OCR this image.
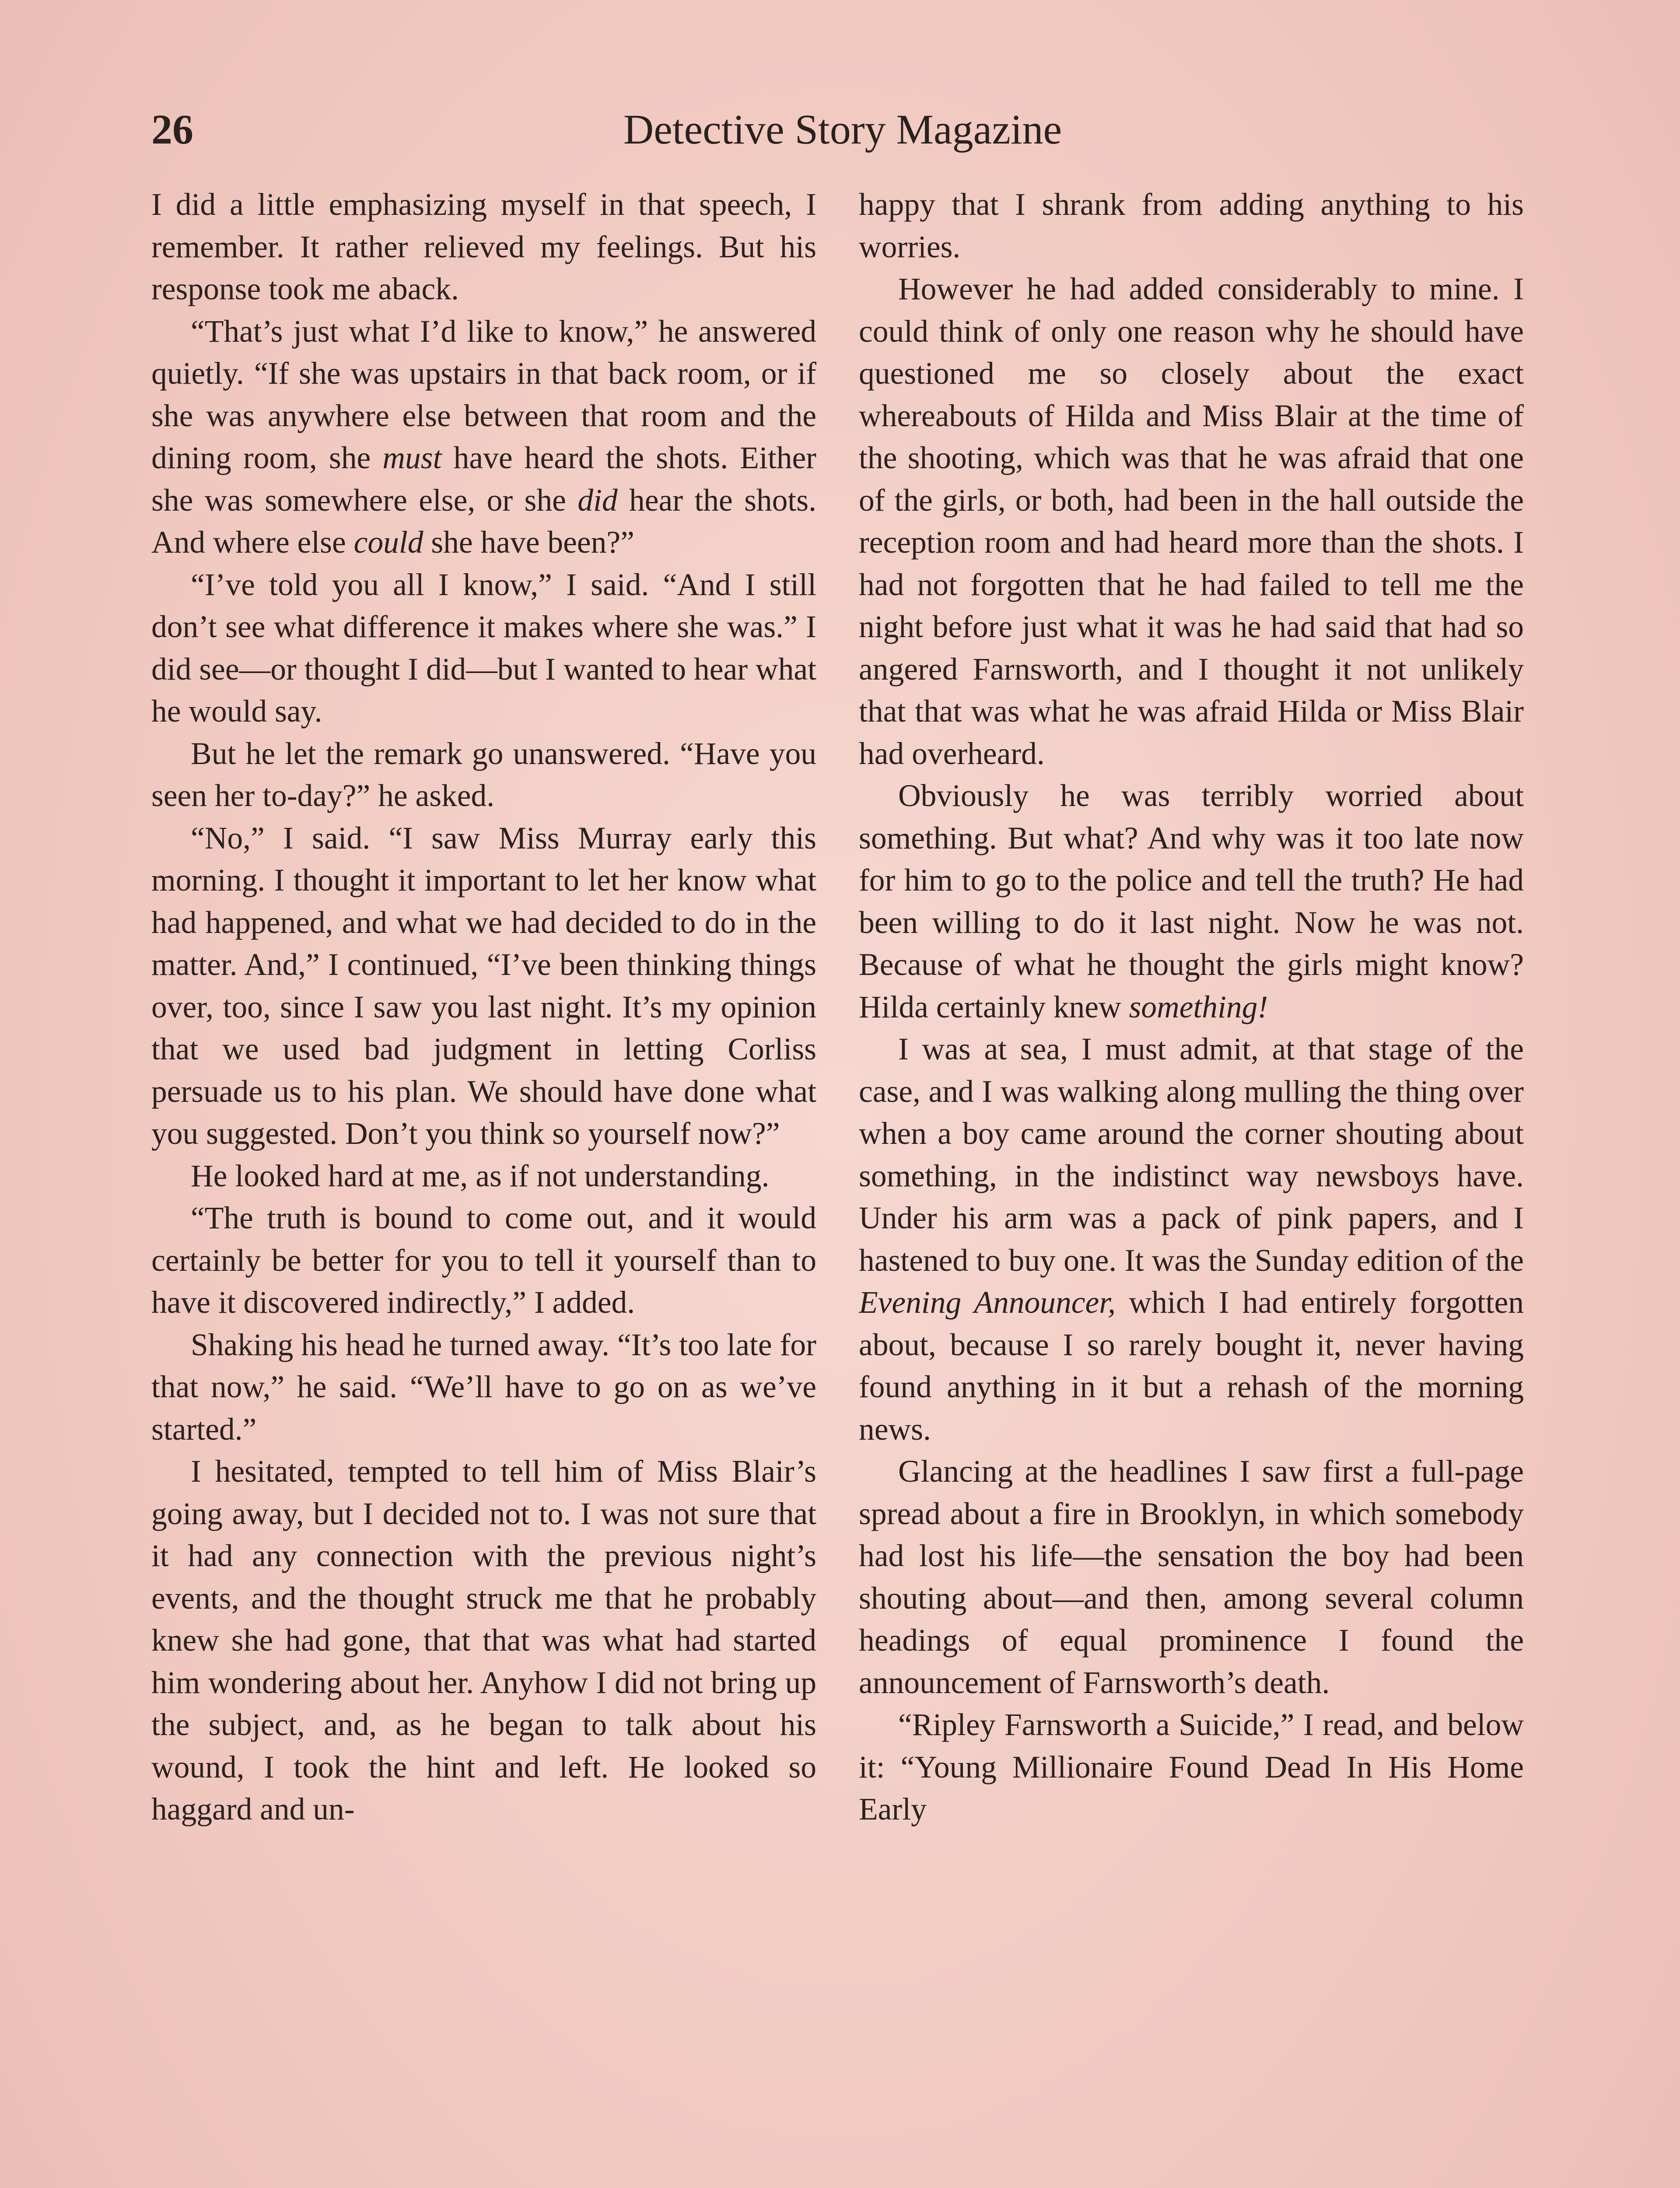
26	Detective Story Magazine

I did a little emphasizing myself in that speech, I remember. It rather relieved my feelings. But his response took me aback.

“That’s just what I’d like to know,” he answered quietly. “If she was upstairs in that back room, or if she was anywhere else between that room and the dining room, she must have heard the shots. Either she was somewhere else, or she did hear the shots. And where else could she have been?”

“I’ve told you all I know,” I said. “And I still don’t see what difference it makes where she was.” I did see—or thought I did—but I wanted to hear what he would say.

But he let the remark go unanswered. “Have you seen her to-day?” he asked.

“No,” I said. “I saw Miss Murray early this morning. I thought it important to let her know what had happened, and what we had decided to do in the matter. And,” I continued, “I’ve been thinking things over, too, since I saw you last night. It’s my opinion that we used bad judgment in letting Corliss persuade us to his plan. We should have done what you suggested. Don’t you think so yourself now?”

He looked hard at me, as if not understanding.

“The truth is bound to come out, and it would certainly be better for you to tell it yourself than to have it discovered indirectly,” I added.

Shaking his head he turned away. “It’s too late for that now,” he said. “We’ll have to go on as we’ve started.”

I hesitated, tempted to tell him of Miss Blair’s going away, but I decided not to. I was not sure that it had any connection with the previous night’s events, and the thought struck me that he probably knew she had gone, that that was what had started him wondering about her. Anyhow I did not bring up the subject, and, as he began to talk about his wound, I took the hint and left. He looked so haggard and un-

happy that I shrank from adding anything to his worries.

However he had added considerably to mine. I could think of only one reason why he should have questioned me so closely about the exact whereabouts of Hilda and Miss Blair at the time of the shooting, which was that he was afraid that one of the girls, or both, had been in the hall outside the reception room and had heard more than the shots. I had not forgotten that he had failed to tell me the night before just what it was he had said that had so angered Farnsworth, and I thought it not unlikely that that was what he was afraid Hilda or Miss Blair had overheard.

Obviously he was terribly worried about something. But what? And why was it too late now for him to go to the police and tell the truth? He had been willing to do it last night. Now he was not. Because of what he thought the girls might know? Hilda certainly knew something!

I was at sea, I must admit, at that stage of the case, and I was walking along mulling the thing over when a boy came around the corner shouting about something, in the indistinct way newsboys have. Under his arm was a pack of pink papers, and I hastened to buy one. It was the Sunday edition of the Evening Announcer, which I had entirely forgotten about, because I so rarely bought it, never having found anything in it but a rehash of the morning news.

Glancing at the headlines I saw first a full-page spread about a fire in Brooklyn, in which somebody had lost his life—the sensation the boy had been shouting about—and then, among several column headings of equal prominence I found the announcement of Farnsworth’s death.

“Ripley Farnsworth a Suicide,” I read, and below it: “Young Millionaire Found Dead In His Home Early
